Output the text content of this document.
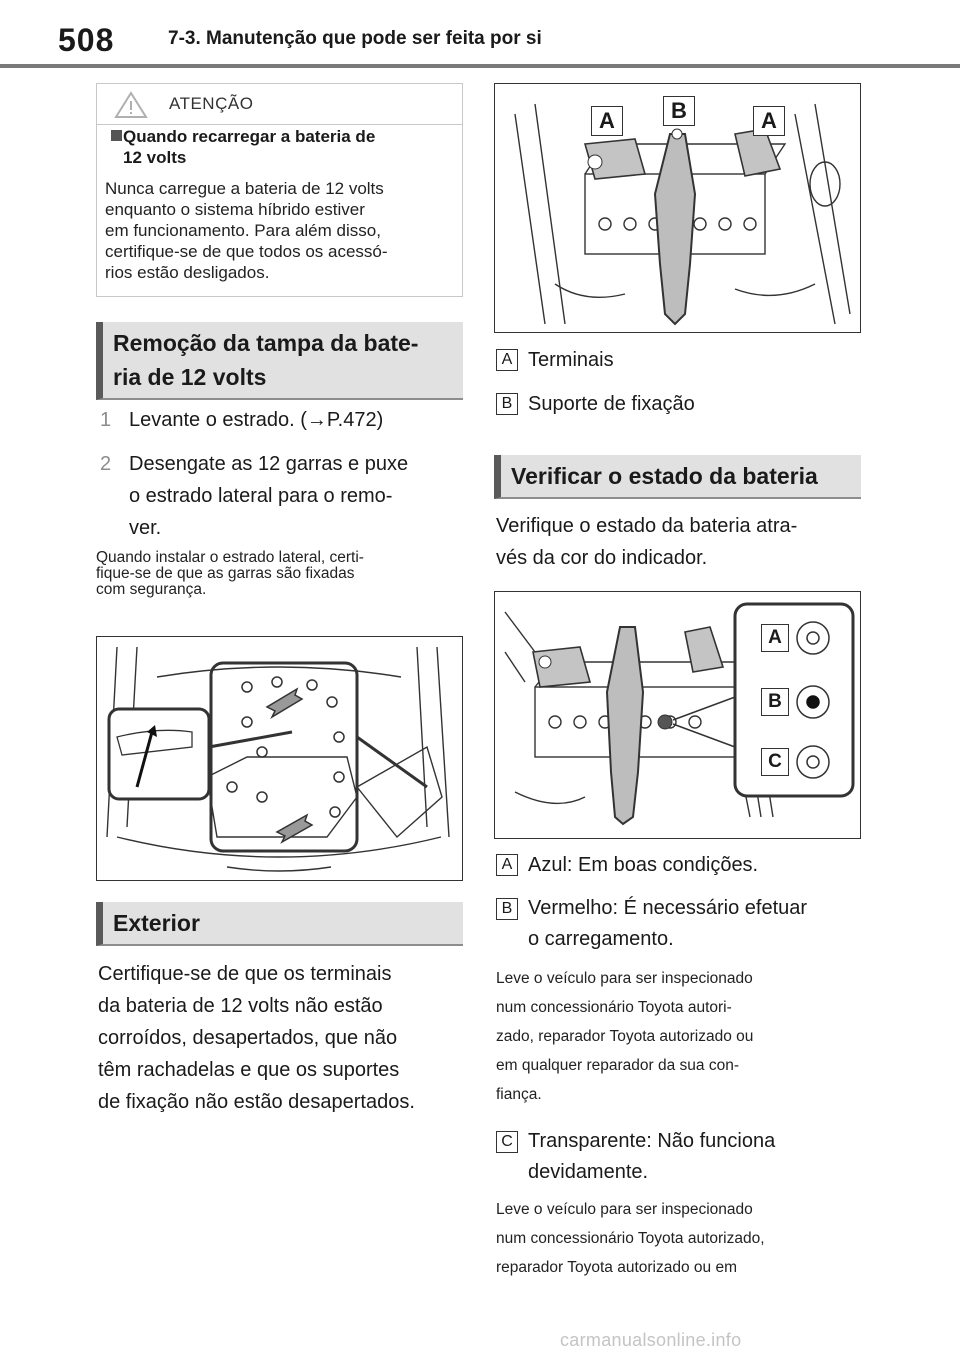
508	7-3. Manutenção que pode ser feita por si
ATENÇÃO
Quando recarregar a bateria de
12 volts
Nunca carregue a bateria de 12 volts
enquanto o sistema híbrido estiver
em funcionamento. Para além disso,
certifique-se de que todos os acessó-
rios estão desligados.
Remoção da tampa da bate-
ria de 12 volts
1 Levante o estrado. (→P.472)
2 Desengate as 12 garras e puxe
o estrado lateral para o remo-
ver.
Quando instalar o estrado lateral, certi-
fique-se de que as garras são fixadas
com segurança.
Exterior
Certifique-se de que os terminais
da bateria de 12 volts não estão
corroídos, desapertados, que não
têm rachadelas e que os suportes
de fixação não estão desapertados.
A	B	A
A Terminais
B Suporte de fixação
Verificar o estado da bateria
Verifique o estado da bateria atra-
vés da cor do indicador.
A
B
C
A Azul: Em boas condições.
B Vermelho: É necessário efetuar
o carregamento.
Leve o veículo para ser inspecionado
num concessionário Toyota autori-
zado, reparador Toyota autorizado ou
em qualquer reparador da sua con-
fiança.
C Transparente: Não funciona
devidamente.
Leve o veículo para ser inspecionado
num concessionário Toyota autorizado,
reparador Toyota autorizado ou em
carmanualsonline.info
